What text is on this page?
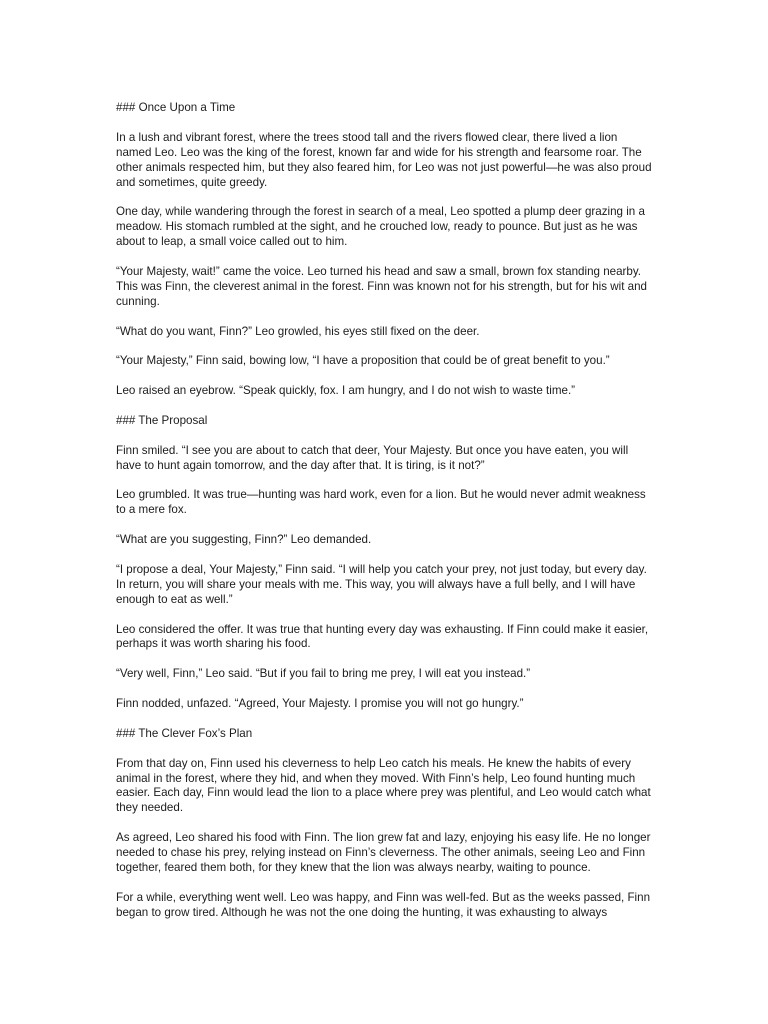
### Once Upon a Time

In a lush and vibrant forest, where the trees stood tall and the rivers flowed clear, there lived a lion named Leo. Leo was the king of the forest, known far and wide for his strength and fearsome roar. The other animals respected him, but they also feared him, for Leo was not just powerful—he was also proud and sometimes, quite greedy.

One day, while wandering through the forest in search of a meal, Leo spotted a plump deer grazing in a meadow. His stomach rumbled at the sight, and he crouched low, ready to pounce. But just as he was about to leap, a small voice called out to him.

“Your Majesty, wait!” came the voice. Leo turned his head and saw a small, brown fox standing nearby. This was Finn, the cleverest animal in the forest. Finn was known not for his strength, but for his wit and cunning.

“What do you want, Finn?” Leo growled, his eyes still fixed on the deer.

“Your Majesty,” Finn said, bowing low, “I have a proposition that could be of great benefit to you.”

Leo raised an eyebrow. “Speak quickly, fox. I am hungry, and I do not wish to waste time.”

### The Proposal

Finn smiled. “I see you are about to catch that deer, Your Majesty. But once you have eaten, you will have to hunt again tomorrow, and the day after that. It is tiring, is it not?”

Leo grumbled. It was true—hunting was hard work, even for a lion. But he would never admit weakness to a mere fox.

“What are you suggesting, Finn?” Leo demanded.

“I propose a deal, Your Majesty,” Finn said. “I will help you catch your prey, not just today, but every day. In return, you will share your meals with me. This way, you will always have a full belly, and I will have enough to eat as well.”

Leo considered the offer. It was true that hunting every day was exhausting. If Finn could make it easier, perhaps it was worth sharing his food.

“Very well, Finn,” Leo said. “But if you fail to bring me prey, I will eat you instead.”

Finn nodded, unfazed. “Agreed, Your Majesty. I promise you will not go hungry.”

### The Clever Fox’s Plan

From that day on, Finn used his cleverness to help Leo catch his meals. He knew the habits of every animal in the forest, where they hid, and when they moved. With Finn’s help, Leo found hunting much easier. Each day, Finn would lead the lion to a place where prey was plentiful, and Leo would catch what they needed.

As agreed, Leo shared his food with Finn. The lion grew fat and lazy, enjoying his easy life. He no longer needed to chase his prey, relying instead on Finn’s cleverness. The other animals, seeing Leo and Finn together, feared them both, for they knew that the lion was always nearby, waiting to pounce.

For a while, everything went well. Leo was happy, and Finn was well-fed. But as the weeks passed, Finn began to grow tired. Although he was not the one doing the hunting, it was exhausting to always
